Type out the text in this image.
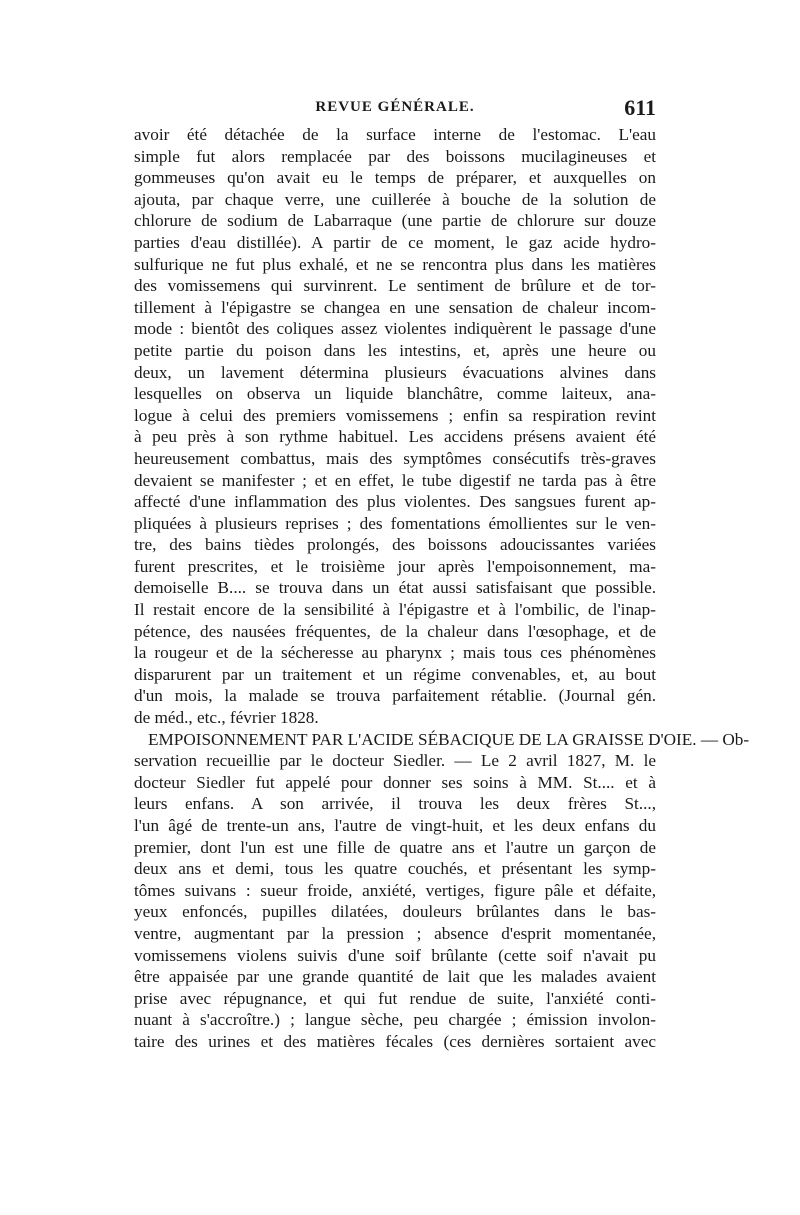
REVUE GÉNÉRALE.	611
avoir été détachée de la surface interne de l'estomac. L'eau
simple fut alors remplacée par des boissons mucilagineuses et
gommeuses qu'on avait eu le temps de préparer, et auxquelles on
ajouta, par chaque verre, une cuillerée à bouche de la solution de
chlorure de sodium de Labarraque (une partie de chlorure sur douze
parties d'eau distillée). A partir de ce moment, le gaz acide hydro-
sulfurique ne fut plus exhalé, et ne se rencontra plus dans les matières
des vomissemens qui survinrent. Le sentiment de brûlure et de tor-
tillement à l'épigastre se changea en une sensation de chaleur incom-
mode : bientôt des coliques assez violentes indiquèrent le passage d'une
petite partie du poison dans les intestins, et, après une heure ou
deux, un lavement détermina plusieurs évacuations alvines dans
lesquelles on observa un liquide blanchâtre, comme laiteux, ana-
logue à celui des premiers vomissemens ; enfin sa respiration revint
à peu près à son rythme habituel. Les accidens présens avaient été
heureusement combattus, mais des symptômes consécutifs très-graves
devaient se manifester ; et en effet, le tube digestif ne tarda pas à être
affecté d'une inflammation des plus violentes. Des sangsues furent ap-
pliquées à plusieurs reprises ; des fomentations émollientes sur le ven-
tre, des bains tièdes prolongés, des boissons adoucissantes variées
furent prescrites, et le troisième jour après l'empoisonnement, ma-
demoiselle B.... se trouva dans un état aussi satisfaisant que possible.
Il restait encore de la sensibilité à l'épigastre et à l'ombilic, de l'inap-
pétence, des nausées fréquentes, de la chaleur dans l'œsophage, et de
la rougeur et de la sécheresse au pharynx ; mais tous ces phénomènes
disparurent par un traitement et un régime convenables, et, au bout
d'un mois, la malade se trouva parfaitement rétablie. (Journal gén.
de méd., etc., février 1828.
EMPOISONNEMENT PAR L'ACIDE SÉBACIQUE DE LA GRAISSE D'OIE. — Ob-
servation recueillie par le docteur Siedler. — Le 2 avril 1827, M. le
docteur Siedler fut appelé pour donner ses soins à MM. St.... et à
leurs enfans. A son arrivée, il trouva les deux frères St...,
l'un âgé de trente-un ans, l'autre de vingt-huit, et les deux enfans du
premier, dont l'un est une fille de quatre ans et l'autre un garçon de
deux ans et demi, tous les quatre couchés, et présentant les symp-
tômes suivans : sueur froide, anxiété, vertiges, figure pâle et défaite,
yeux enfoncés, pupilles dilatées, douleurs brûlantes dans le bas-
ventre, augmentant par la pression ; absence d'esprit momentanée,
vomissemens violens suivis d'une soif brûlante (cette soif n'avait pu
être appaisée par une grande quantité de lait que les malades avaient
prise avec répugnance, et qui fut rendue de suite, l'anxiété conti-
nuant à s'accroître.) ; langue sèche, peu chargée ; émission involon-
taire des urines et des matières fécales (ces dernières sortaient avec
